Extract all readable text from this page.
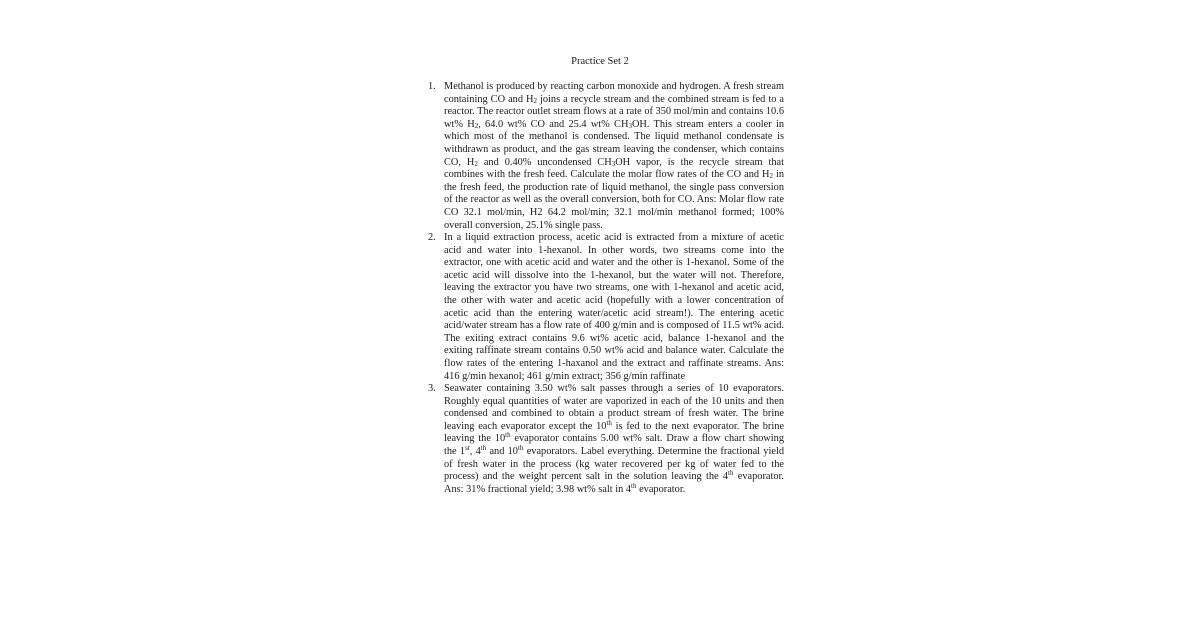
Practice Set 2
1. Methanol is produced by reacting carbon monoxide and hydrogen. A fresh stream containing CO and $H_2$ joins a recycle stream and the combined stream is fed to a reactor. The reactor outlet stream flows at a rate of 350 mol/min and contains 10.6 wt% $H_2$, 64.0 wt% CO and 25.4 wt% $CH_3OH$. This stream enters a cooler in which most of the methanol is condensed. The liquid methanol condensate is withdrawn as product, and the gas stream leaving the condenser, which contains CO, $H_2$ and 0.40% uncondensed $CH_3OH$ vapor, is the recycle stream that combines with the fresh feed. Calculate the molar flow rates of the CO and $H_2$ in the fresh feed, the production rate of liquid methanol, the single pass conversion of the reactor as well as the overall conversion, both for CO. Ans: Molar flow rate CO 32.1 mol/min, H2 64.2 mol/min; 32.1 mol/min methanol formed; 100% overall conversion, 25.1% single pass.
2. In a liquid extraction process, acetic acid is extracted from a mixture of acetic acid and water into 1-hexanol. In other words, two streams come into the extractor, one with acetic acid and water and the other is 1-hexanol. Some of the acetic acid will dissolve into the 1-hexanol, but the water will not. Therefore, leaving the extractor you have two streams, one with 1-hexanol and acetic acid, the other with water and acetic acid (hopefully with a lower concentration of acetic acid than the entering water/acetic acid stream!). The entering acetic acid/water stream has a flow rate of 400 g/min and is composed of 11.5 wt% acid. The exiting extract contains 9.6 wt% acetic acid, balance 1-hexanol and the exiting raffinate stream contains 0.50 wt% acid and balance water. Calculate the flow rates of the entering 1-haxanol and the extract and raffinate streams. Ans: 416 g/min hexanol; 461 g/min extract; 356 g/min raffinate
3. Seawater containing 3.50 wt% salt passes through a series of 10 evaporators. Roughly equal quantities of water are vaporized in each of the 10 units and then condensed and combined to obtain a product stream of fresh water. The brine leaving each evaporator except the 10th is fed to the next evaporator. The brine leaving the 10th evaporator contains 5.00 wt% salt. Draw a flow chart showing the 1st, 4th and 10th evaporators. Label everything. Determine the fractional yield of fresh water in the process (kg water recovered per kg of water fed to the process) and the weight percent salt in the solution leaving the 4th evaporator. Ans: 31% fractional yield; 3.98 wt% salt in 4th evaporator.
